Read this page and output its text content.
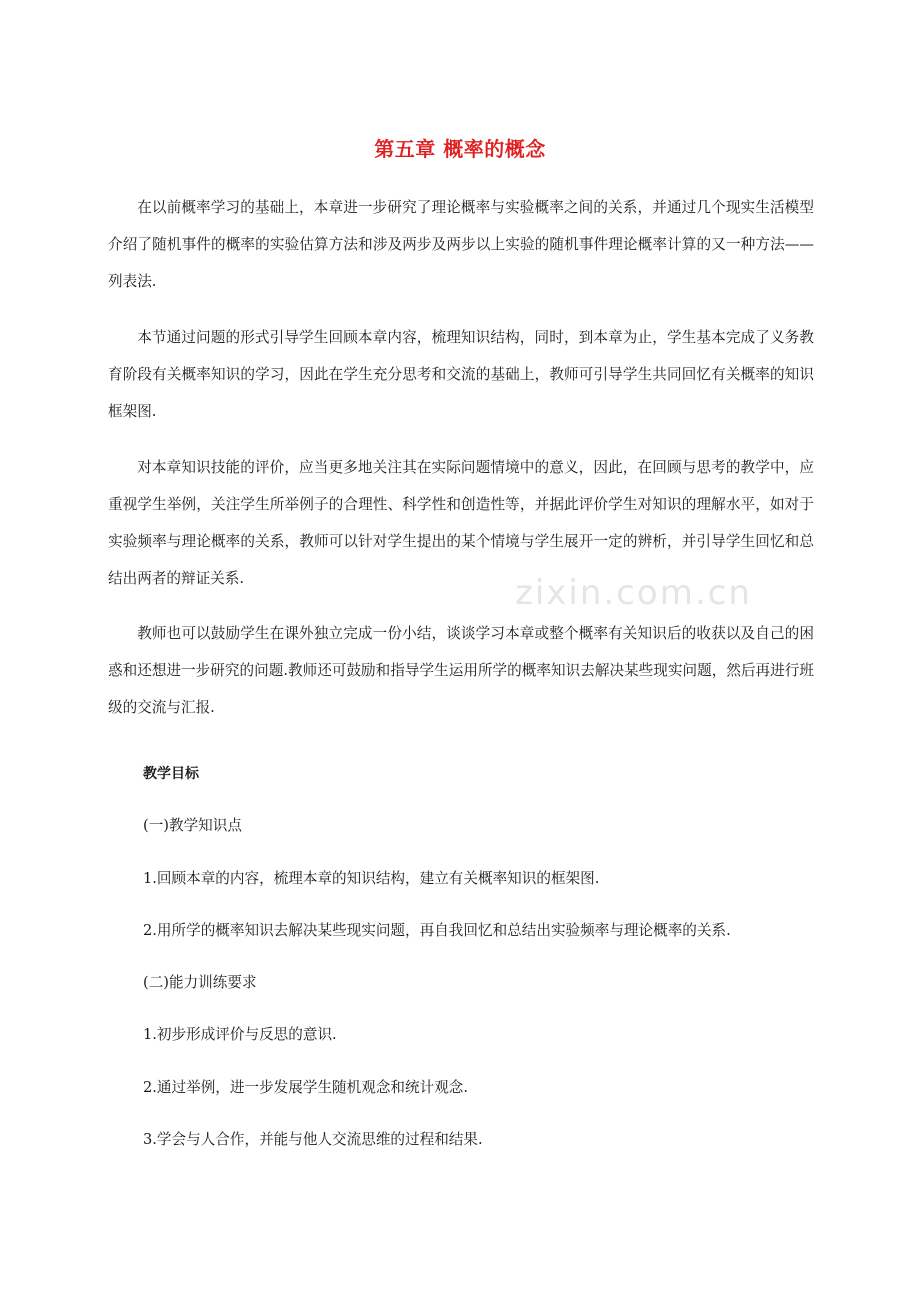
第五章 概率的概念

在以前概率学习的基础上，本章进一步研究了理论概率与实验概率之间的关系，并通过几个现实生活模型介绍了随机事件的概率的实验估算方法和涉及两步及两步以上实验的随机事件理论概率计算的又一种方法——列表法.

本节通过问题的形式引导学生回顾本章内容，梳理知识结构，同时，到本章为止，学生基本完成了义务教育阶段有关概率知识的学习，因此在学生充分思考和交流的基础上，教师可引导学生共同回忆有关概率的知识框架图.

对本章知识技能的评价，应当更多地关注其在实际问题情境中的意义，因此，在回顾与思考的教学中，应重视学生举例，关注学生所举例子的合理性、科学性和创造性等，并据此评价学生对知识的理解水平，如对于实验频率与理论概率的关系，教师可以针对学生提出的某个情境与学生展开一定的辨析，并引导学生回忆和总结出两者的辩证关系.

教师也可以鼓励学生在课外独立完成一份小结，谈谈学习本章或整个概率有关知识后的收获以及自己的困惑和还想进一步研究的问题.教师还可鼓励和指导学生运用所学的概率知识去解决某些现实问题，然后再进行班级的交流与汇报.

zixin.com.cn

教学目标

(一)教学知识点

1.回顾本章的内容，梳理本章的知识结构，建立有关概率知识的框架图.

2.用所学的概率知识去解决某些现实问题，再自我回忆和总结出实验频率与理论概率的关系.

(二)能力训练要求

1.初步形成评价与反思的意识.

2.通过举例，进一步发展学生随机观念和统计观念.

3.学会与人合作，并能与他人交流思维的过程和结果.
